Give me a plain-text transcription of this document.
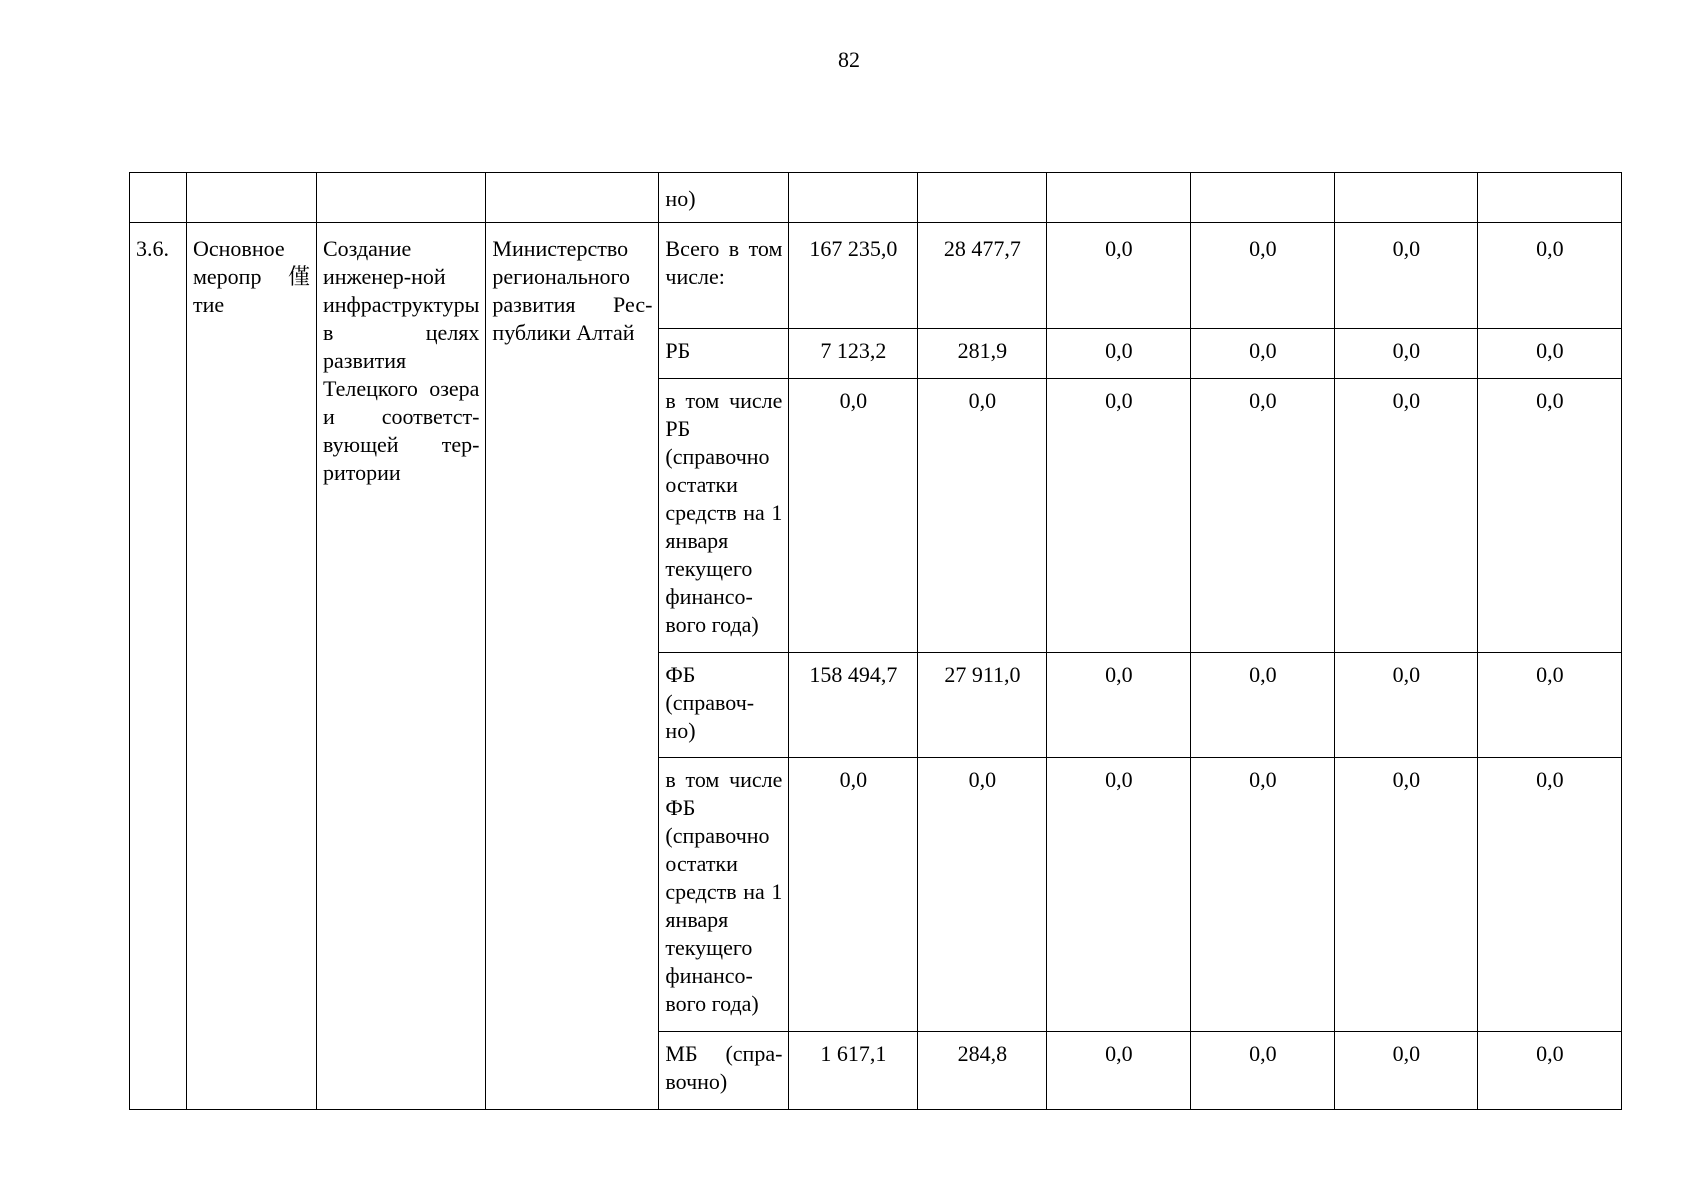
82
				но)						
3.6.	Основное меропр僅тие	Создание инженер-ной инфраструктуры в целях развития Телецкого озера и соответст-вующей тер-ритории	Министерство регионального развития Рес-публики Алтай	Всего в том числе:	167 235,0	28 477,7	0,0	0,0	0,0	0,0

				РБ	7 123,2	281,9	0,0	0,0	0,0	0,0

				в том числе РБ (справочно остатки средств на 1 января текущего финансо-вого года)	0,0	0,0	0,0	0,0	0,0	0,0

				ФБ (справоч-но)	158 494,7	27 911,0	0,0	0,0	0,0	0,0

				в том числе ФБ (справочно остатки средств на 1 января текущего финансо-вого года)	0,0	0,0	0,0	0,0	0,0	0,0

				МБ (спра-вочно)	1 617,1	284,8	0,0	0,0	0,0	0,0
